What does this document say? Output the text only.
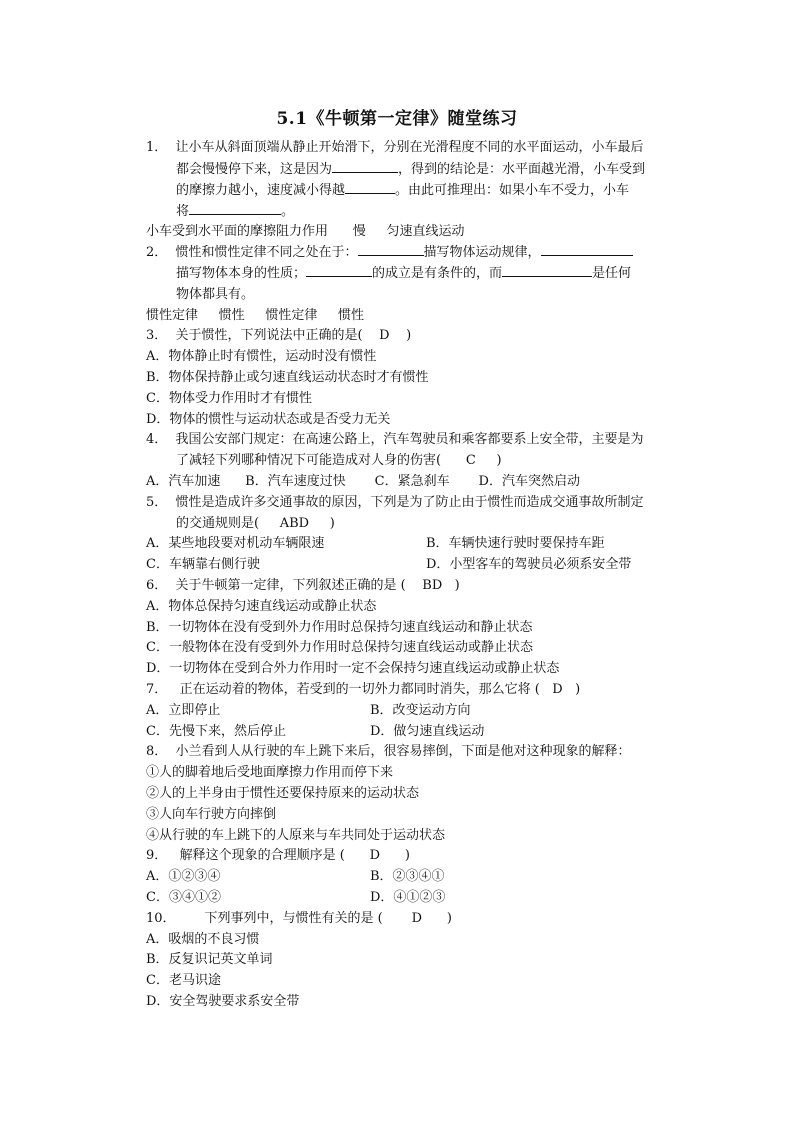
5.1《牛顿第一定律》随堂练习
1．  让小车从斜面顶端从静止开始滑下，分别在光滑程度不同的水平面运动，小车最后
都会慢慢停下来，这是因为	，得到的结论是：水平面越光滑，小车受到
的摩擦力越小，速度减小得越	。由此可推理出：如果小车不受力，小车
将	。
小车受到水平面的摩擦阻力作用      慢     匀速直线运动
2．  惯性和惯性定律不同之处在于：	描写物体运动规律，
描写物体本身的性质；	的成立是有条件的，而	是任何
物体都具有。
惯性定律     惯性     惯性定律     惯性
3．  关于惯性，下列说法中正确的是(    D    )
A．物体静止时有惯性，运动时没有惯性
B．物体保持静止或匀速直线运动状态时才有惯性
C．物体受力作用时才有惯性
D．物体的惯性与运动状态或是否受力无关
4．  我国公安部门规定：在高速公路上，汽车驾驶员和乘客都要系上安全带，主要是为
了减轻下列哪种情况下可能造成对人身的伤害(      C     )
A．汽车加速      B．汽车速度过快       C．紧急刹车       D．汽车突然启动
5．  惯性是造成许多交通事故的原因，下列是为了防止由于惯性而造成交通事故所制定
的交通规则是(     ABD     )
A．某些地段要对机动车辆限速	B．车辆快速行驶时要保持车距
C．车辆靠右侧行驶	D．小型客车的驾驶员必须系安全带
6．  关于牛顿第一定律，下列叙述正确的是 (    BD   )
A．物体总保持匀速直线运动或静止状态
B．一切物体在没有受到外力作用时总保持匀速直线运动和静止状态
C．一般物体在没有受到外力作用时总保持匀速直线运动或静止状态
D．一切物体在受到合外力作用时一定不会保持匀速直线运动或静止状态
7．   正在运动着的物体，若受到的一切外力都同时消失，那么它将 (   D   )
A．立即停止	B．改变运动方向
C．先慢下来，然后停止	D．做匀速直线运动
8．  小兰看到人从行驶的车上跳下来后，很容易摔倒，下面是他对这种现象的解释：
①人的脚着地后受地面摩擦力作用而停下来
②人的上半身由于惯性还要保持原来的运动状态
③人向车行驶方向摔倒
④从行驶的车上跳下的人原来与车共同处于运动状态
9．   解释这个现象的合理顺序是 (      D      )
A．①②③④	B．②③④①
C．③④①②	D．④①②③
10．       下列事列中，与惯性有关的是 (       D      )
A．吸烟的不良习惯
B．反复识记英文单词
C．老马识途
D．安全驾驶要求系安全带
